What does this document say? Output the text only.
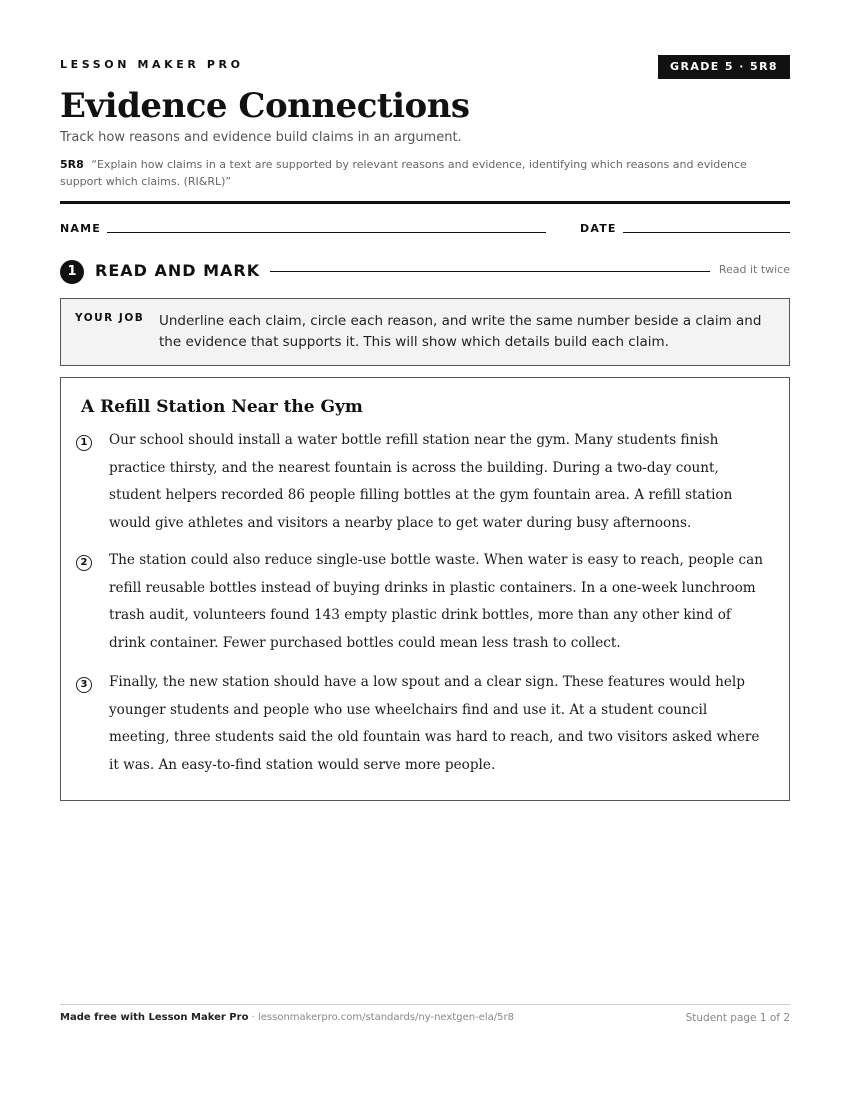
LESSON MAKER PRO	GRADE 5 · 5R8
Evidence Connections
Track how reasons and evidence build claims in an argument.
5R8 “Explain how claims in a text are supported by relevant reasons and evidence, identifying which reasons and evidence support which claims. (RI&RL)”
NAME	DATE
1	READ AND MARK	Read it twice
YOUR JOB Underline each claim, circle each reason, and write the same number beside a claim and the evidence that supports it. This will show which details build each claim.
A Refill Station Near the Gym
1	Our school should install a water bottle refill station near the gym. Many students finish practice thirsty, and the nearest fountain is across the building. During a two-day count, student helpers recorded 86 people filling bottles at the gym fountain area. A refill station would give athletes and visitors a nearby place to get water during busy afternoons.
2	The station could also reduce single-use bottle waste. When water is easy to reach, people can refill reusable bottles instead of buying drinks in plastic containers. In a one-week lunchroom trash audit, volunteers found 143 empty plastic drink bottles, more than any other kind of drink container. Fewer purchased bottles could mean less trash to collect.
3	Finally, the new station should have a low spout and a clear sign. These features would help younger students and people who use wheelchairs find and use it. At a student council meeting, three students said the old fountain was hard to reach, and two visitors asked where it was. An easy-to-find station would serve more people.
Made free with Lesson Maker Pro · lessonmakerpro.com/standards/ny-nextgen-ela/5r8	Student page 1 of 2
